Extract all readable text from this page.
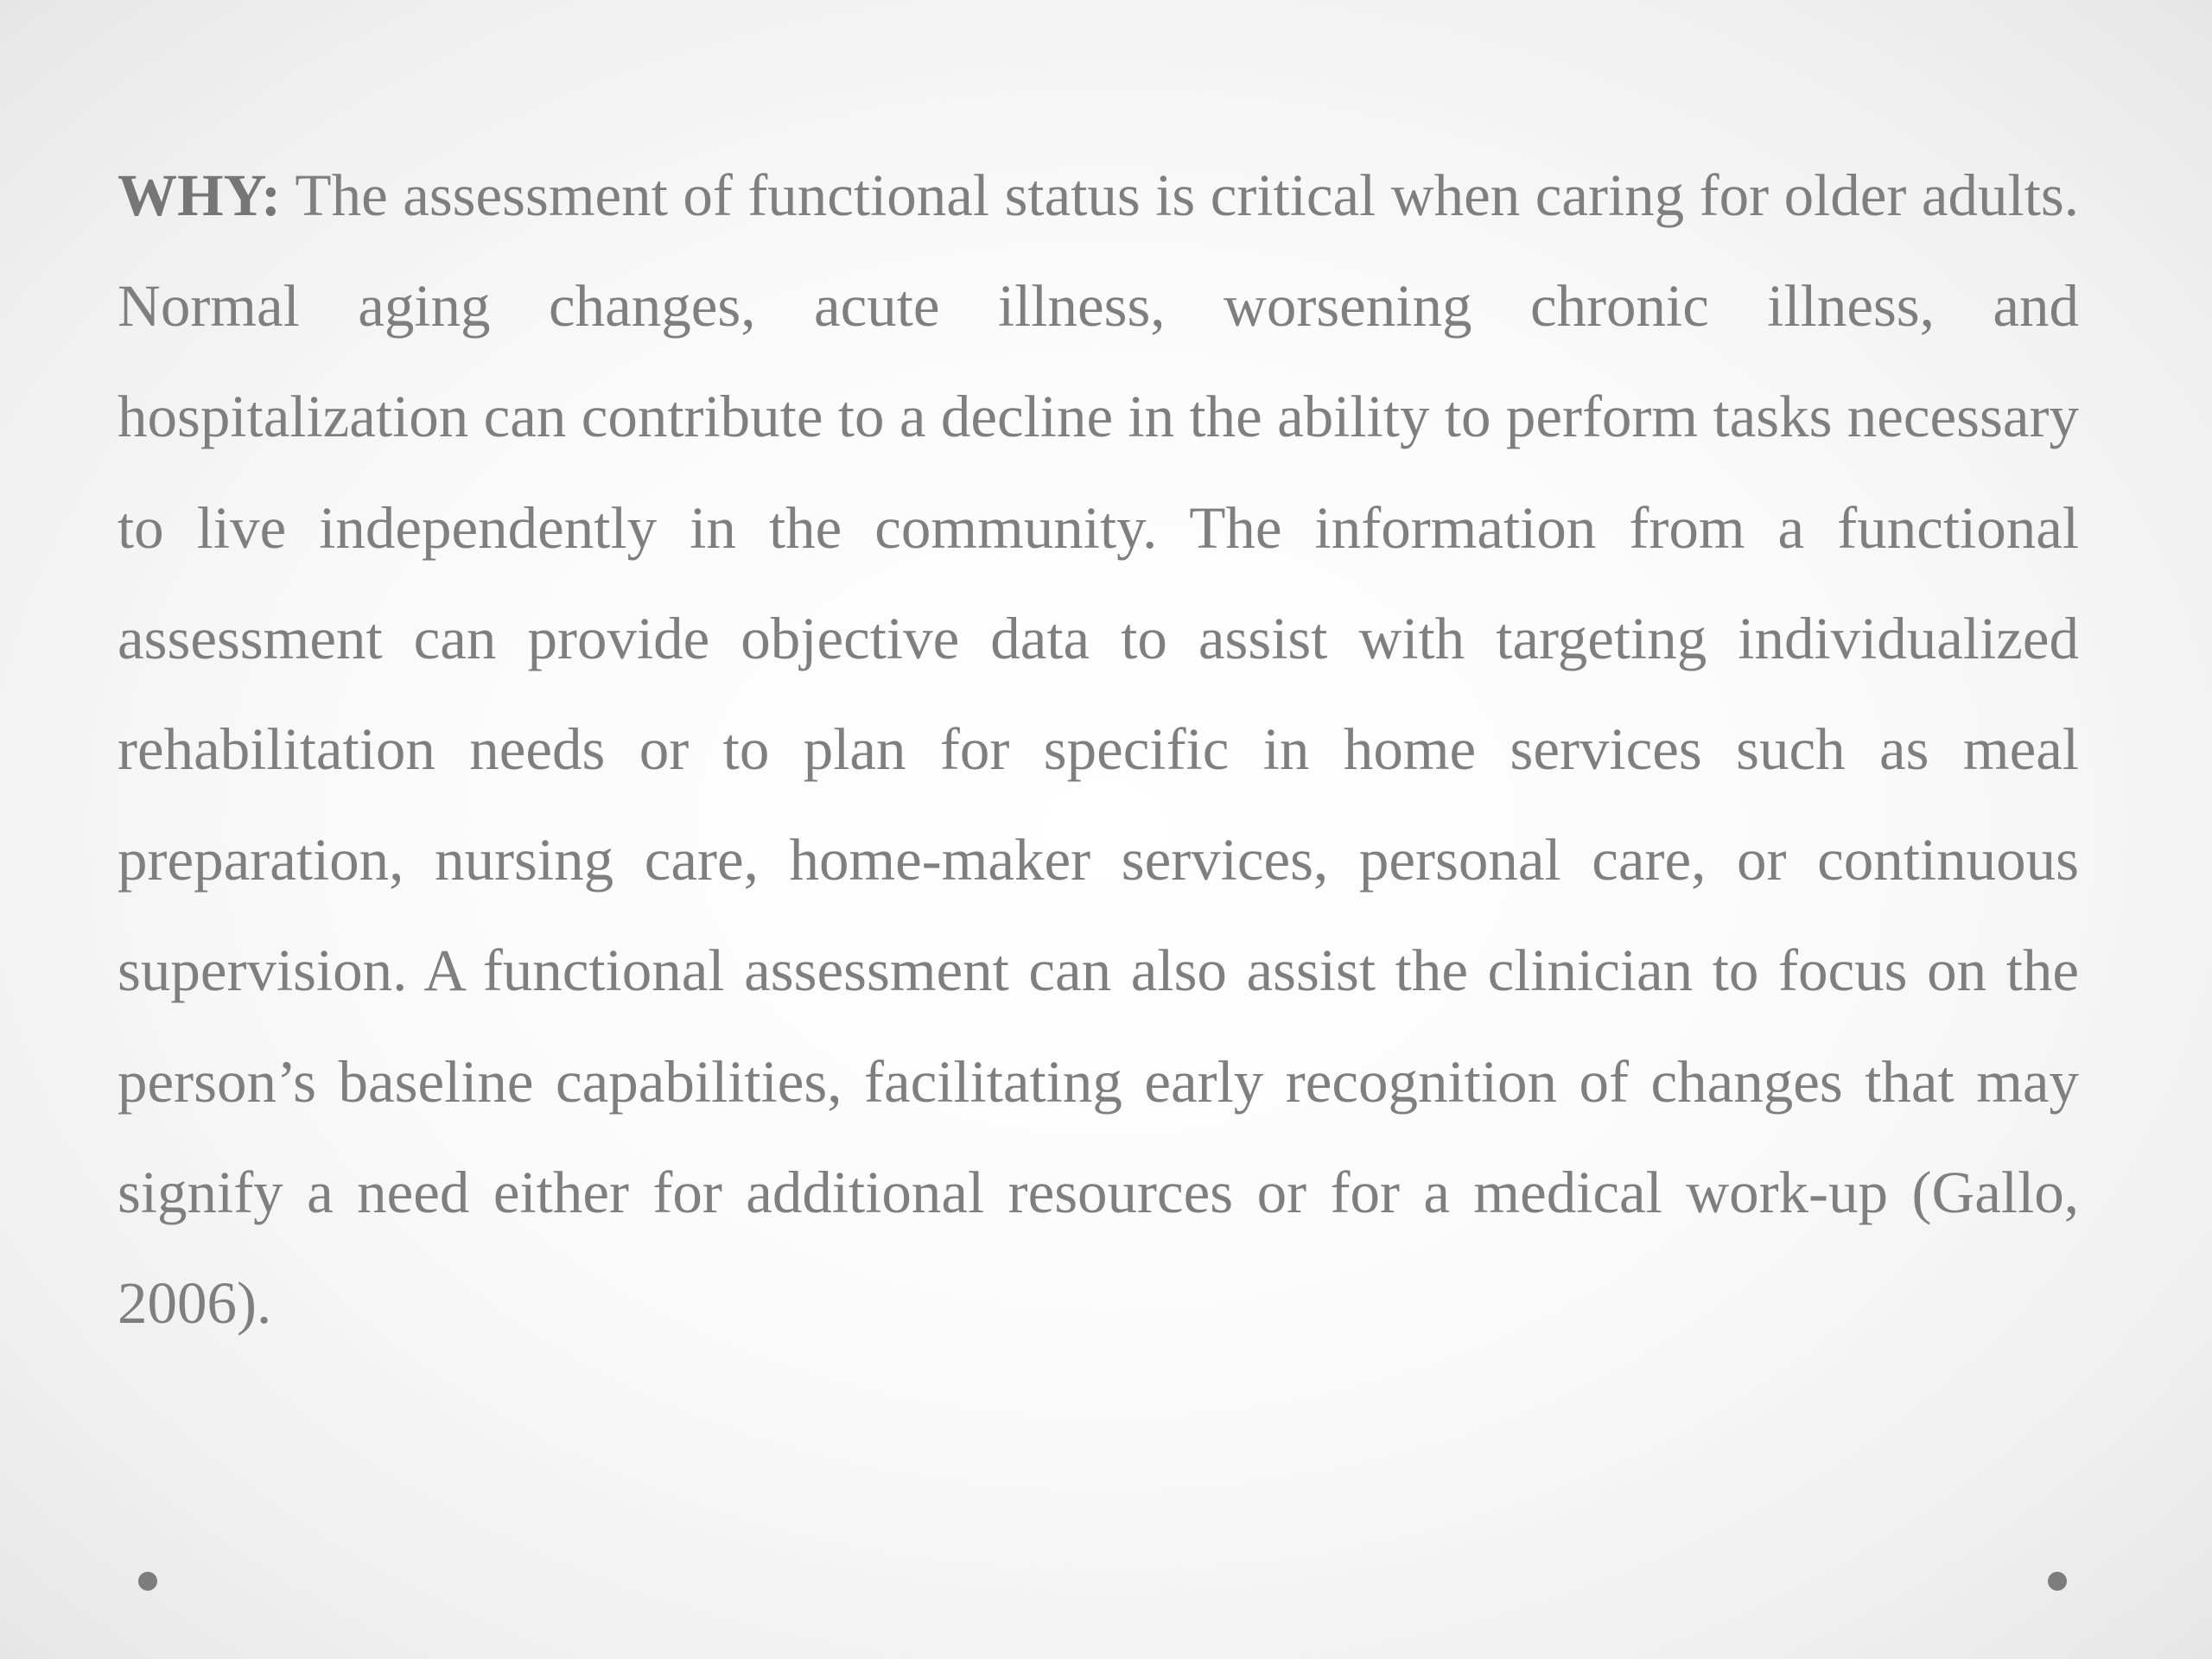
WHY: The assessment of functional status is critical when caring for older adults. Normal aging changes, acute illness, worsening chronic illness, and hospitalization can contribute to a decline in the ability to perform tasks necessary to live independently in the community. The information from a functional assessment can provide objective data to assist with targeting individualized rehabilitation needs or to plan for specific in home services such as meal preparation, nursing care, home-maker services, personal care, or continuous supervision. A functional assessment can also assist the clinician to focus on the person’s baseline capabilities, facilitating early recognition of changes that may signify a need either for additional resources or for a medical work-up (Gallo, 2006).
